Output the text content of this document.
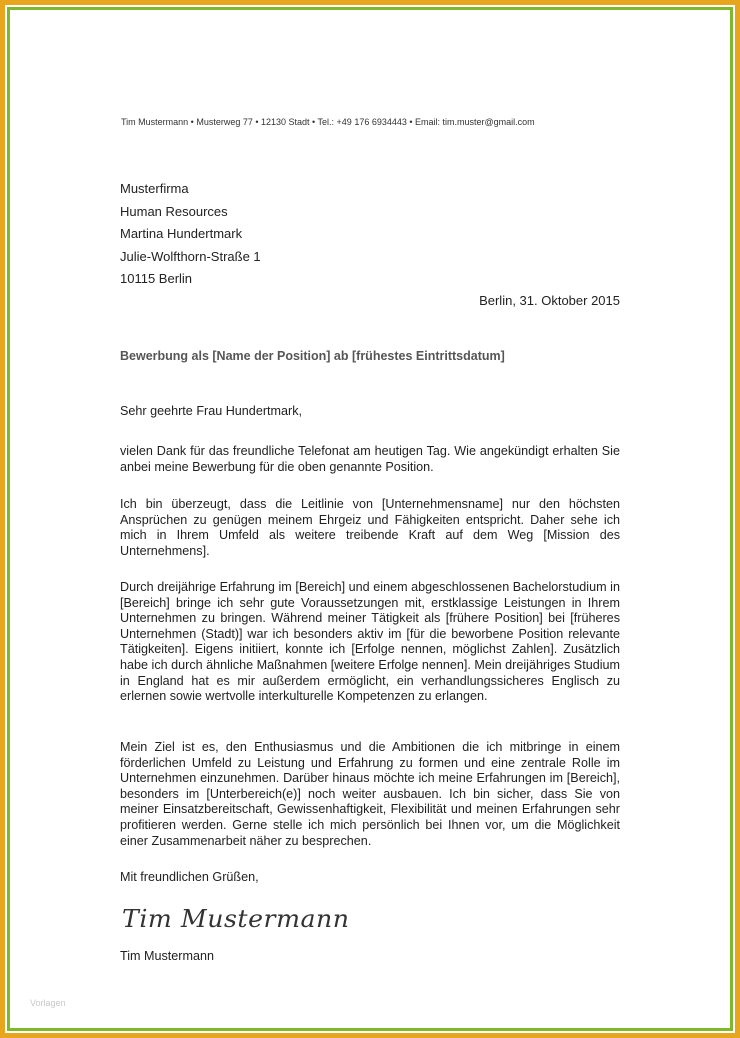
Tim Mustermann • Musterweg 77 • 12130 Stadt • Tel.: +49 176 6934443 • Email: tim.muster@gmail.com
Musterfirma
Human Resources
Martina Hundertmark
Julie-Wolfthorn-Straße 1
10115 Berlin
Berlin, 31. Oktober 2015
Bewerbung als [Name der Position] ab [frühestes Eintrittsdatum]
Sehr geehrte Frau Hundertmark,
vielen Dank für das freundliche Telefonat am heutigen Tag. Wie angekündigt erhalten Sie anbei meine Bewerbung für die oben genannte Position.
Ich bin überzeugt, dass die Leitlinie von [Unternehmensname] nur den höchsten Ansprüchen zu genügen meinem Ehrgeiz und Fähigkeiten entspricht. Daher sehe ich mich in Ihrem Umfeld als weitere treibende Kraft auf dem Weg [Mission des Unternehmens].
Durch dreijährige Erfahrung im [Bereich] und einem abgeschlossenen Bachelorstudium in [Bereich] bringe ich sehr gute Voraussetzungen mit, erstklassige Leistungen in Ihrem Unternehmen zu bringen. Während meiner Tätigkeit als [frühere Position] bei [früheres Unternehmen (Stadt)] war ich besonders aktiv im [für die beworbene Position relevante Tätigkeiten]. Eigens initiiert, konnte ich [Erfolge nennen, möglichst Zahlen]. Zusätzlich habe ich durch ähnliche Maßnahmen [weitere Erfolge nennen]. Mein dreijähriges Studium in England hat es mir außerdem ermöglicht, ein verhandlungssicheres Englisch zu erlernen sowie wertvolle interkulturelle Kompetenzen zu erlangen.
Mein Ziel ist es, den Enthusiasmus und die Ambitionen die ich mitbringe in einem förderlichen Umfeld zu Leistung und Erfahrung zu formen und eine zentrale Rolle im Unternehmen einzunehmen. Darüber hinaus möchte ich meine Erfahrungen im [Bereich], besonders im [Unterbereich(e)] noch weiter ausbauen. Ich bin sicher, dass Sie von meiner Einsatzbereitschaft, Gewissenhaftigkeit, Flexibilität und meinen Erfahrungen sehr profitieren werden. Gerne stelle ich mich persönlich bei Ihnen vor, um die Möglichkeit einer Zusammenarbeit näher zu besprechen.
Mit freundlichen Grüßen,
Tim Mustermann
Tim Mustermann
Vorlagen
